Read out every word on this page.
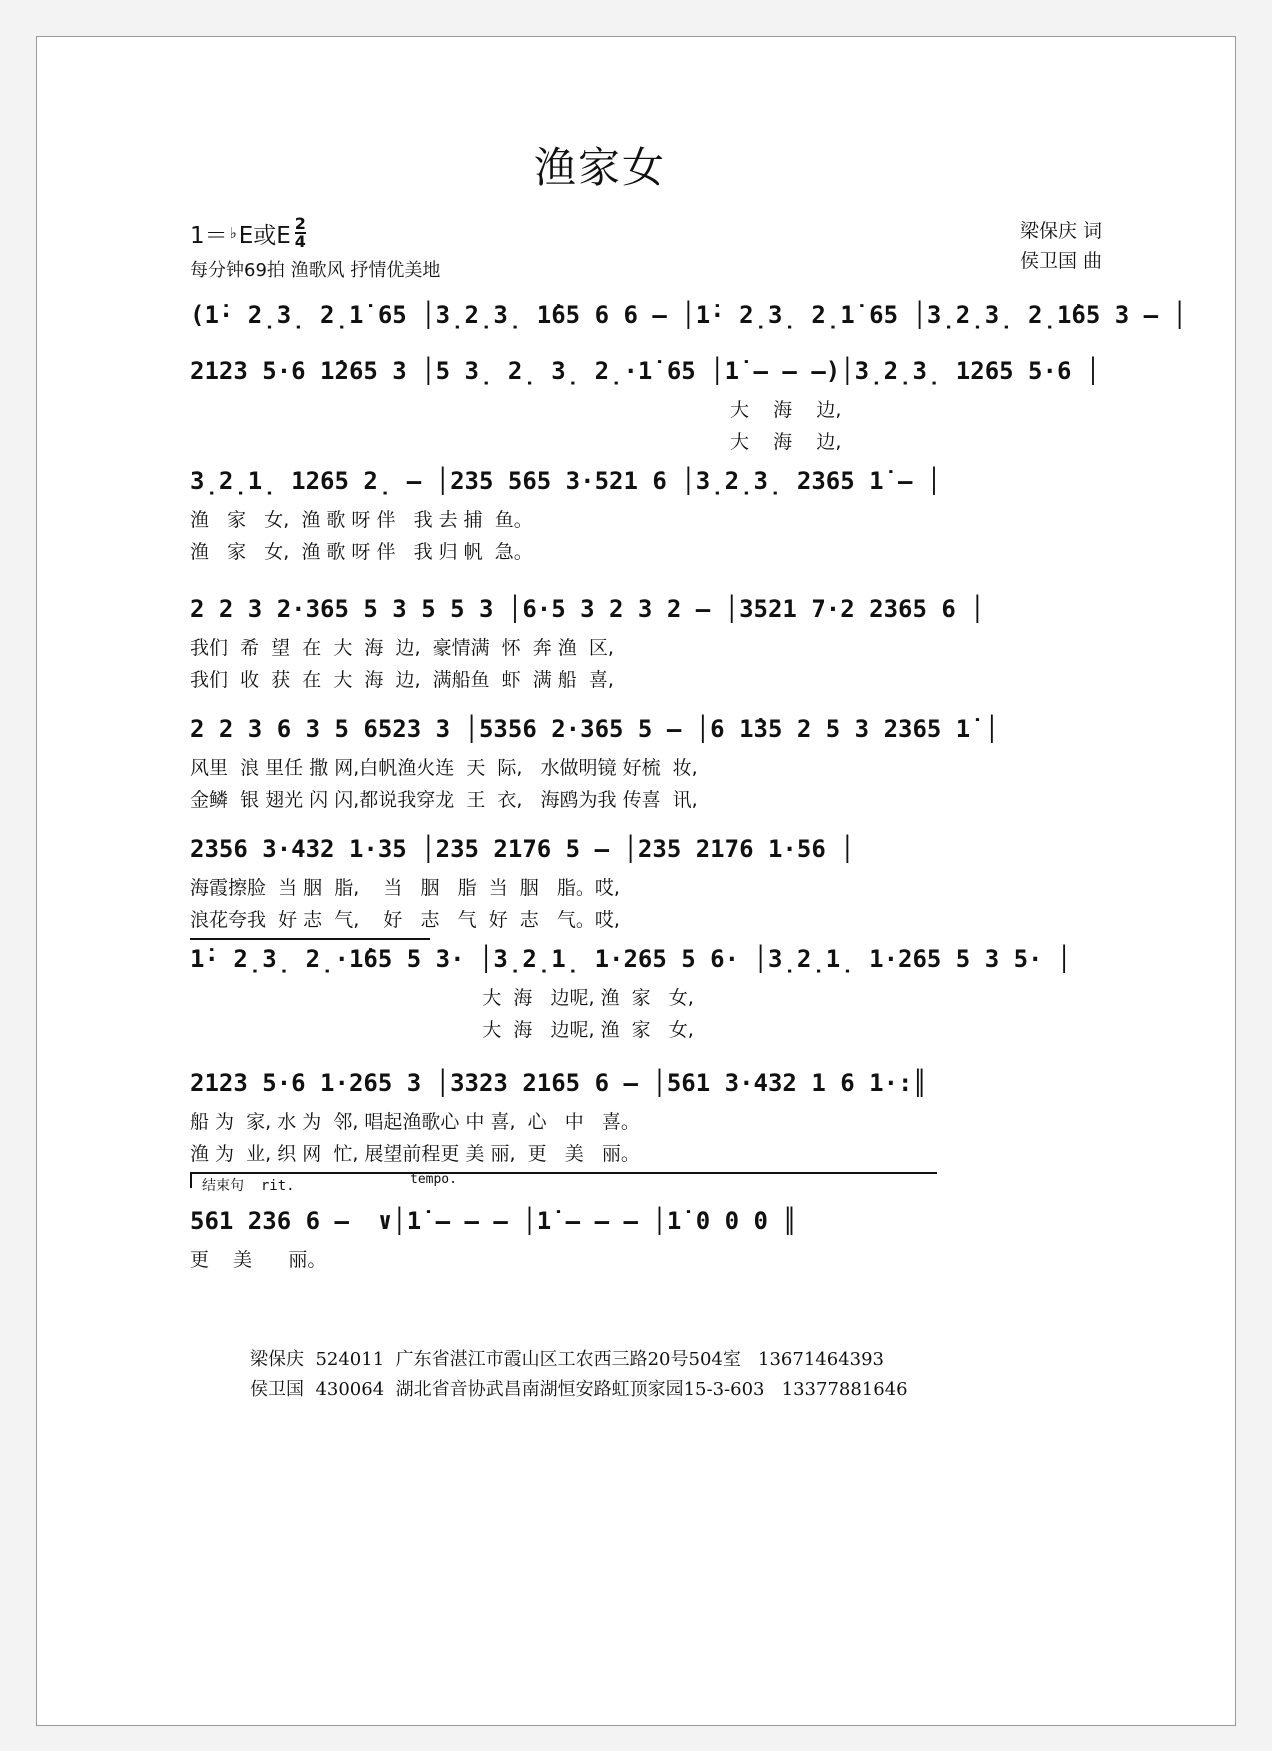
渔家女
1＝ ♭ E或E $\frac{2}{4}$
每分钟69拍 渔歌风 抒情优美地
梁保庆 词
侯卫国 曲
(1̇· 2̣3̣ 2̣1̇ 65 │3̣2̣3̣ 1̇65 6 6 – │1̇· 2̣3̣ 2̣1̇ 65 │3̣2̣3̣ 2̣1̇65 3 – │
2123 5·6 1̇265 3 │5 3̣ 2̣ 3̣ 2̣·1̇ 65 │1̇ – – –)│3̣2̣3̣ 1265 5·6 │
大    海    边,
大    海    边,
3̣2̣1̣ 1265 2̣ – │235 565 3·521 6 │3̣2̣3̣ 2365 1̇ – │
渔   家   女,  渔 歌 呀 伴   我 去 捕  鱼。
渔   家   女,  渔 歌 呀 伴   我 归 帆  急。
2 2 3 2·365 5 3 5 5 3 │6·5 3 2 3 2 – │3521 7·2 2365 6 │
我们  希  望  在  大  海  边,  豪情满  怀  奔 渔  区,
我们  收  获  在  大  海  边,  满船鱼  虾  满 船  喜,
2 2 3 6 3 5 6523 3 │5356 2·365 5 – │6 1̇35 2 5 3 2365 1̇ │
风里  浪 里任 撒 网,白帆渔火连  天  际,   水做明镜 好梳  妆,
金鳞  银 翅光 闪 闪,都说我穿龙  王  衣,   海鸥为我 传喜  讯,
2356 3·432 1·35 │235 2176 5 – │235 2176 1·56 │
海霞擦脸  当 胭  脂,    当   胭   脂  当  胭   脂。哎,
浪花夸我  好 志  气,    好   志   气  好  志   气。哎,
1̇· 2̣3̣ 2̣·1̇65 5 3· │3̣2̣1̣ 1·265 5 6· │3̣2̣1̣ 1·265 5 3 5· │
大  海   边呢, 渔  家   女,
大  海   边呢, 渔  家   女,
2123 5·6 1·265 3 │3323 2165 6 – │561 3·432 1 6 1·:║
船 为  家, 水 为  邻, 唱起渔歌心 中 喜,  心   中   喜。
渔 为  业, 织 网  忙, 展望前程更 美 丽,  更   美   丽。
结束句  rit.	tempo.
561 236 6 –  ∨│1̇ – – – │1̇ – – – │1̇ 0 0 0 ║
更    美      丽。
梁保庆  524011  广东省湛江市霞山区工农西三路20号504室   13671464393
侯卫国  430064  湖北省音协武昌南湖恒安路虹顶家园15-3-603   13377881646
